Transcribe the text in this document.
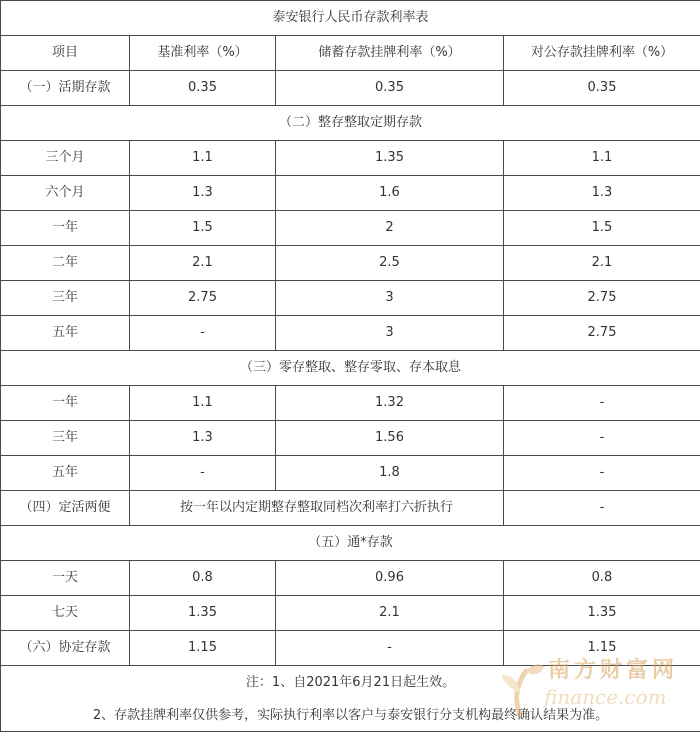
泰安银行人民币存款利率表			
项目	基准利率（%）	储蓄存款挂牌利率（%）	对公存款挂牌利率（%）
（一）活期存款	0.35	0.35	0.35
（二）整存整取定期存款			
三个月	1.1	1.35	1.1
六个月	1.3	1.6	1.3
一年	1.5	2	1.5
二年	2.1	2.5	2.1
三年	2.75	3	2.75
五年	-	3	2.75
（三）零存整取、整存零取、存本取息			
一年	1.1	1.32	-
三年	1.3	1.56	-
五年	-	1.8	-
（四）定活两便	按一年以内定期整存整取同档次利率打六折执行		-
（五）通*存款			
一天	0.8	0.96	0.8
七天	1.35	2.1	1.35
（六）协定存款	1.15	-	1.15
注：1、自2021年6月21日起生效。			
2、存款挂牌利率仅供参考，实际执行利率以客户与泰安银行分支机构最终确认结果为准。			
南方财富网
finance.com
